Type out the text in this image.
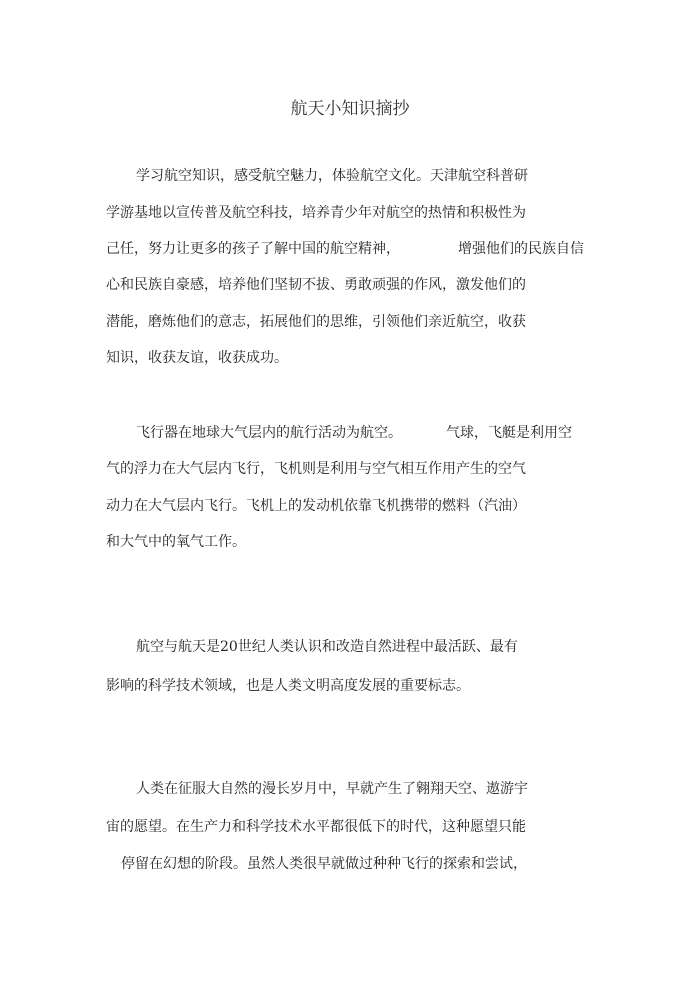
航天小知识摘抄
学习航空知识，感受航空魅力，体验航空文化。天津航空科普研
学游基地以宣传普及航空科技，培养青少年对航空的热情和积极性为
己任，努力让更多的孩子了解中国的航空精神，	增强他们的民族自信
心和民族自豪感，培养他们坚韧不拔、勇敢顽强的作风，激发他们的
潜能，磨炼他们的意志，拓展他们的思维，引领他们亲近航空，收获
知识，收获友谊，收获成功。
飞行器在地球大气层内的航行活动为航空。	气球，飞艇是利用空
气的浮力在大气层内飞行，飞机则是利用与空气相互作用产生的空气
动力在大气层内飞行。飞机上的发动机依靠飞机携带的燃料（汽油）
和大气中的氧气工作。
航空与航天是20世纪人类认识和改造自然进程中最活跃、最有
影响的科学技术领域，也是人类文明高度发展的重要标志。
人类在征服大自然的漫长岁月中，早就产生了翱翔天空、遨游宇
宙的愿望。在生产力和科学技术水平都很低下的时代，这种愿望只能
停留在幻想的阶段。虽然人类很早就做过种种飞行的探索和尝试，
